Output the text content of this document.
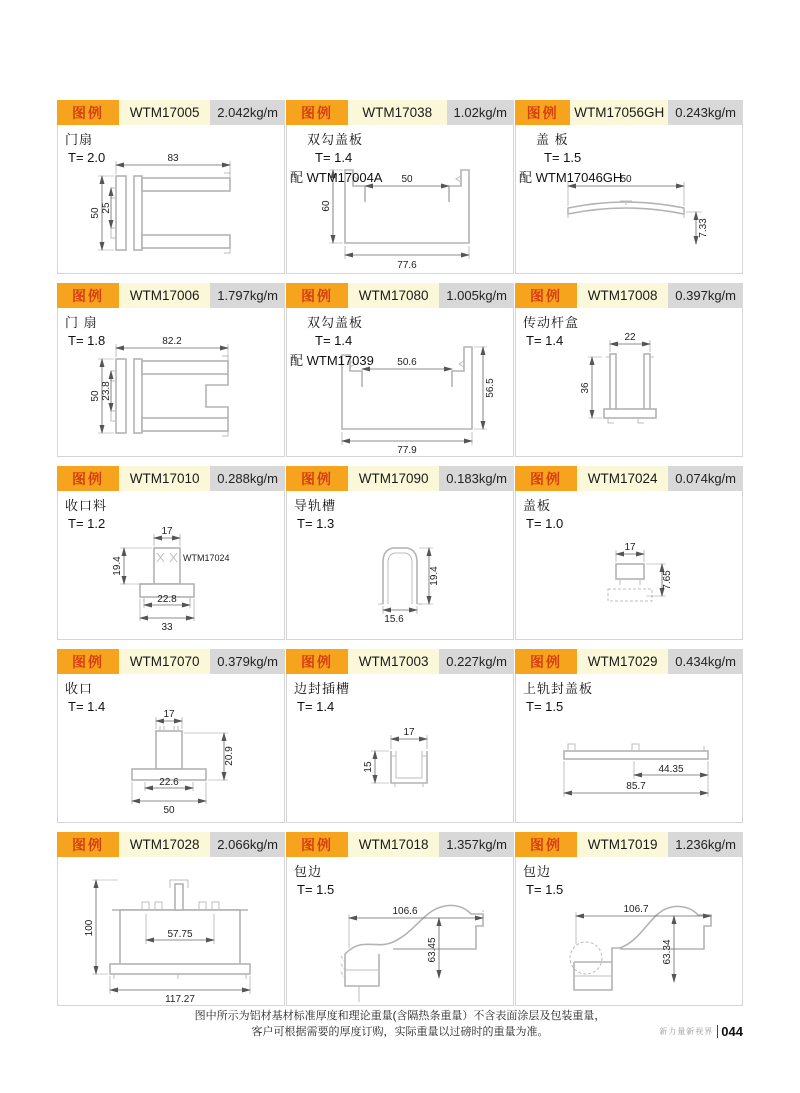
图例	WTM17005	2.042kg/m
门扇
T= 2.0	83
50 25
图例	WTM17038	1.02kg/m
双勾盖板
T= 1.4
配 WTM17004A	50
60
77.6
图例	WTM17056GH 0.243kg/m
盖 板
T= 1.5
配 WTM17046GH
50
7.33
图例	WTM17006	1.797kg/m
门 扇
T= 1.8	82.2
50 23.8
图例	WTM17080	1.005kg/m
双勾盖板
T= 1.4
配 WTM17039	50.6
56.5
77.9
图例	WTM17008	0.397kg/m
传动杆盒
T= 1.4	22
36
图例	WTM17010	0.288kg/m
收口料
T= 1.2
WTM17024
17
19.4
22.8
33
图例	WTM17090	0.183kg/m
导轨槽
T= 1.3
15.6
19.4
图例	WTM17024	0.074kg/m
盖板
T= 1.0
17
7.65
图例	WTM17070	0.379kg/m
收口
T= 1.4
17
20.9
22.6
50
图例	WTM17003	0.227kg/m
边封插槽
T= 1.4
17
15
图例	WTM17029	0.434kg/m
上轨封盖板
T= 1.5
44.35
85.7
图例	WTM17028	2.066kg/m
100	57.75
117.27
图例	WTM17018	1.357kg/m
包边
T= 1.5
106.6
63.45
图例	WTM17019	1.236kg/m
包边
T= 1.5
106.7
63.34
图中所示为铝材基材标准厚度和理论重量(含隔热条重量）不含表面涂层及包装重量，
客户可根据需要的厚度订购，实际重量以过磅时的重量为准。	新力量新视界 044
